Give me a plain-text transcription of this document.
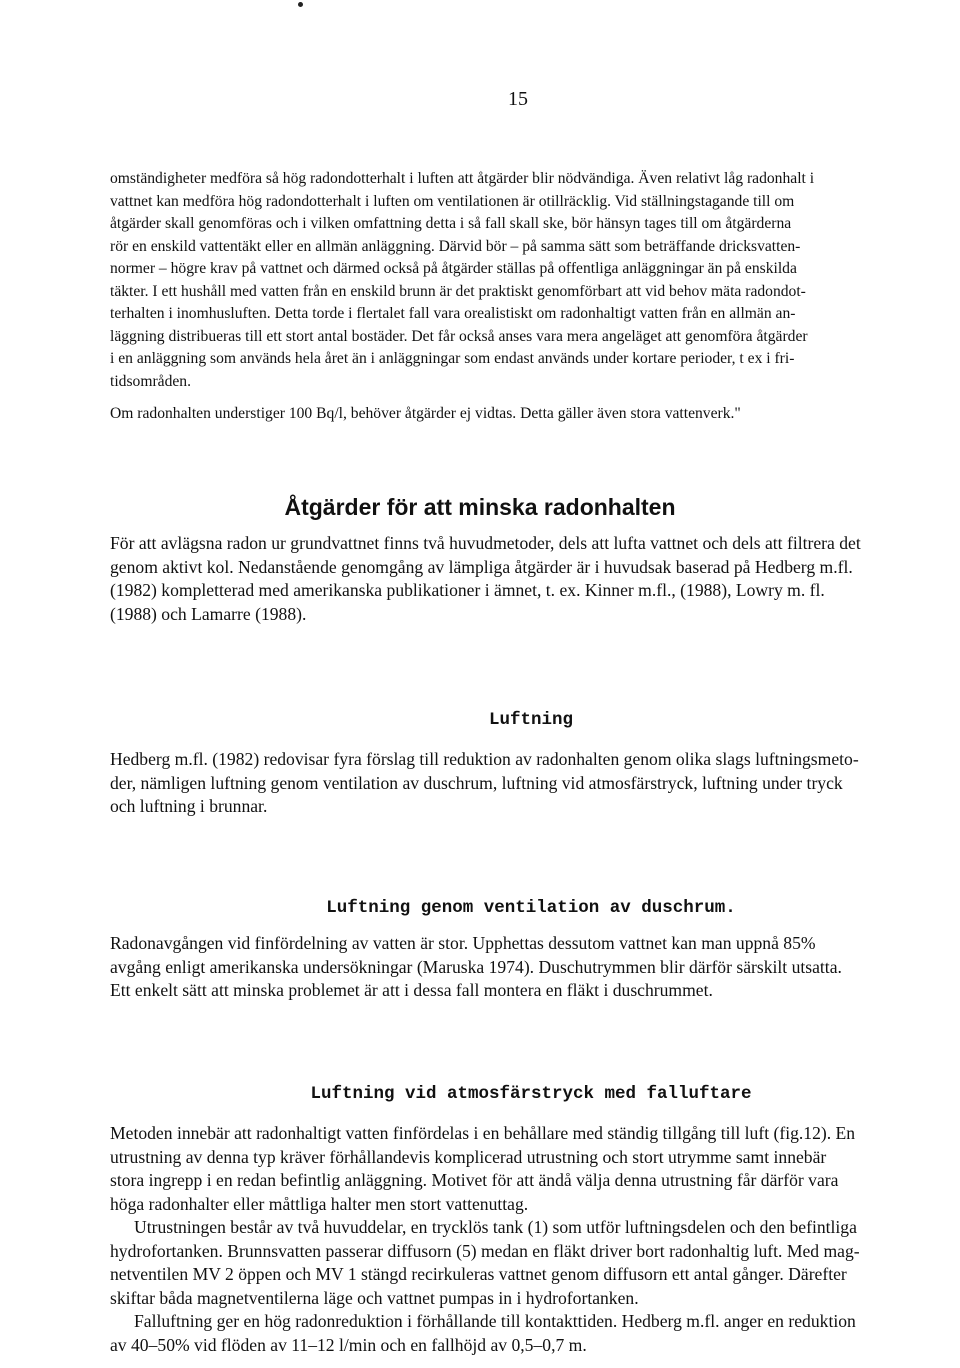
15

omständigheter medföra så hög radondotterhalt i luften att åtgärder blir nödvändiga. Även relativt låg radonhalt i

vattnet kan medföra hög radondotterhalt i luften om ventilationen är otillräcklig. Vid ställningstagande till om

åtgärder skall genomföras och i vilken omfattning detta i så fall skall ske, bör hänsyn tages till om åtgärderna

rör en enskild vattentäkt eller en allmän anläggning. Därvid bör – på samma sätt som beträffande dricksvatten-

normer – högre krav på vattnet och därmed också på åtgärder ställas på offentliga anläggningar än på enskilda

täkter. I ett hushåll med vatten från en enskild brunn är det praktiskt genomförbart att vid behov mäta radondot-

terhalten i inomhusluften. Detta torde i flertalet fall vara orealistiskt om radonhaltigt vatten från en allmän an-

läggning distribueras till ett stort antal bostäder. Det får också anses vara mera angeläget att genomföra åtgärder

i en anläggning som används hela året än i anläggningar som endast används under kortare perioder, t ex i fri-

tidsområden.

Om radonhalten understiger 100 Bq/l, behöver åtgärder ej vidtas. Detta gäller även stora vattenverk."

Åtgärder för att minska radonhalten

För att avlägsna radon ur grundvattnet finns två huvudmetoder, dels att lufta vattnet och dels att filtrera det

genom aktivt kol. Nedanstående genomgång av lämpliga åtgärder är i huvudsak baserad på Hedberg m.fl.

(1982) kompletterad med amerikanska publikationer i ämnet, t. ex. Kinner m.fl., (1988), Lowry m. fl.

(1988) och Lamarre (1988).

Luftning

Hedberg m.fl. (1982) redovisar fyra förslag till reduktion av radonhalten genom olika slags luftningsmeto-

der, nämligen luftning genom ventilation av duschrum, luftning vid atmosfärstryck, luftning under tryck

och luftning i brunnar.

Luftning genom ventilation av duschrum.

Radonavgången vid finfördelning av vatten är stor. Upphettas dessutom vattnet kan man uppnå 85%

avgång enligt amerikanska undersökningar (Maruska 1974). Duschutrymmen blir därför särskilt utsatta.

Ett enkelt sätt att minska problemet är att i dessa fall montera en fläkt i duschrummet.

Luftning vid atmosfärstryck med falluftare

Metoden innebär att radonhaltigt vatten finfördelas i en behållare med ständig tillgång till luft (fig.12). En

utrustning av denna typ kräver förhållandevis komplicerad utrustning och stort utrymme samt innebär

stora ingrepp i en redan befintlig anläggning. Motivet för att ändå välja denna utrustning får därför vara

höga radonhalter eller måttliga halter men stort vattenuttag.

Utrustningen består av två huvuddelar, en trycklös tank (1) som utför luftningsdelen och den befintliga

hydrofortanken. Brunnsvatten passerar diffusorn (5) medan en fläkt driver bort radonhaltig luft. Med mag-

netventilen MV 2 öppen och MV 1 stängd recirkuleras vattnet genom diffusorn ett antal gånger. Därefter

skiftar båda magnetventilerna läge och vattnet pumpas in i hydrofortanken.

Falluftning ger en hög radonreduktion i förhållande till kontakttiden. Hedberg m.fl. anger en reduktion

av 40–50% vid flöden av 11–12 l/min och en fallhöjd av 0,5–0,7 m.
